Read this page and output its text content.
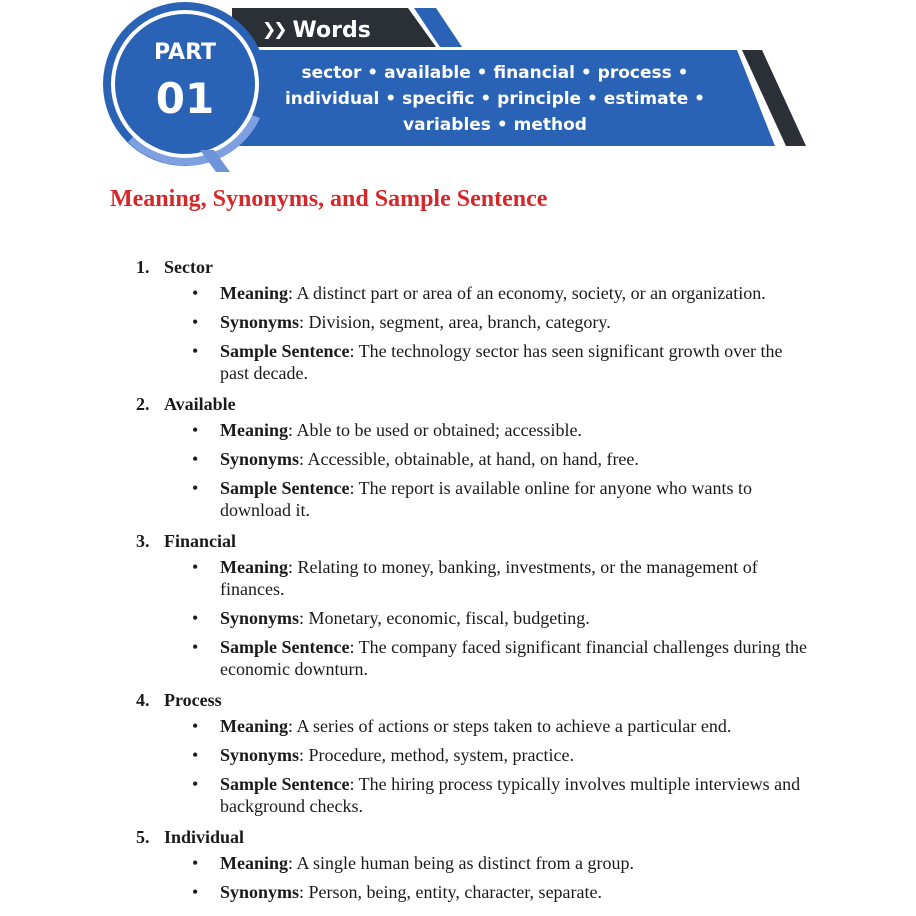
❯❯ Words
PART
01
sector • available • financial • process •
individual • specific • principle • estimate •
variables • method
Meaning, Synonyms, and Sample Sentence
1. Sector
• Meaning: A distinct part or area of an economy, society, or an organization.
• Synonyms: Division, segment, area, branch, category.
• Sample Sentence: The technology sector has seen significant growth over the past decade.
2. Available
• Meaning: Able to be used or obtained; accessible.
• Synonyms: Accessible, obtainable, at hand, on hand, free.
• Sample Sentence: The report is available online for anyone who wants to download it.
3. Financial
• Meaning: Relating to money, banking, investments, or the management of finances.
• Synonyms: Monetary, economic, fiscal, budgeting.
• Sample Sentence: The company faced significant financial challenges during the economic downturn.
4. Process
• Meaning: A series of actions or steps taken to achieve a particular end.
• Synonyms: Procedure, method, system, practice.
• Sample Sentence: The hiring process typically involves multiple interviews and background checks.
5. Individual
• Meaning: A single human being as distinct from a group.
• Synonyms: Person, being, entity, character, separate.
